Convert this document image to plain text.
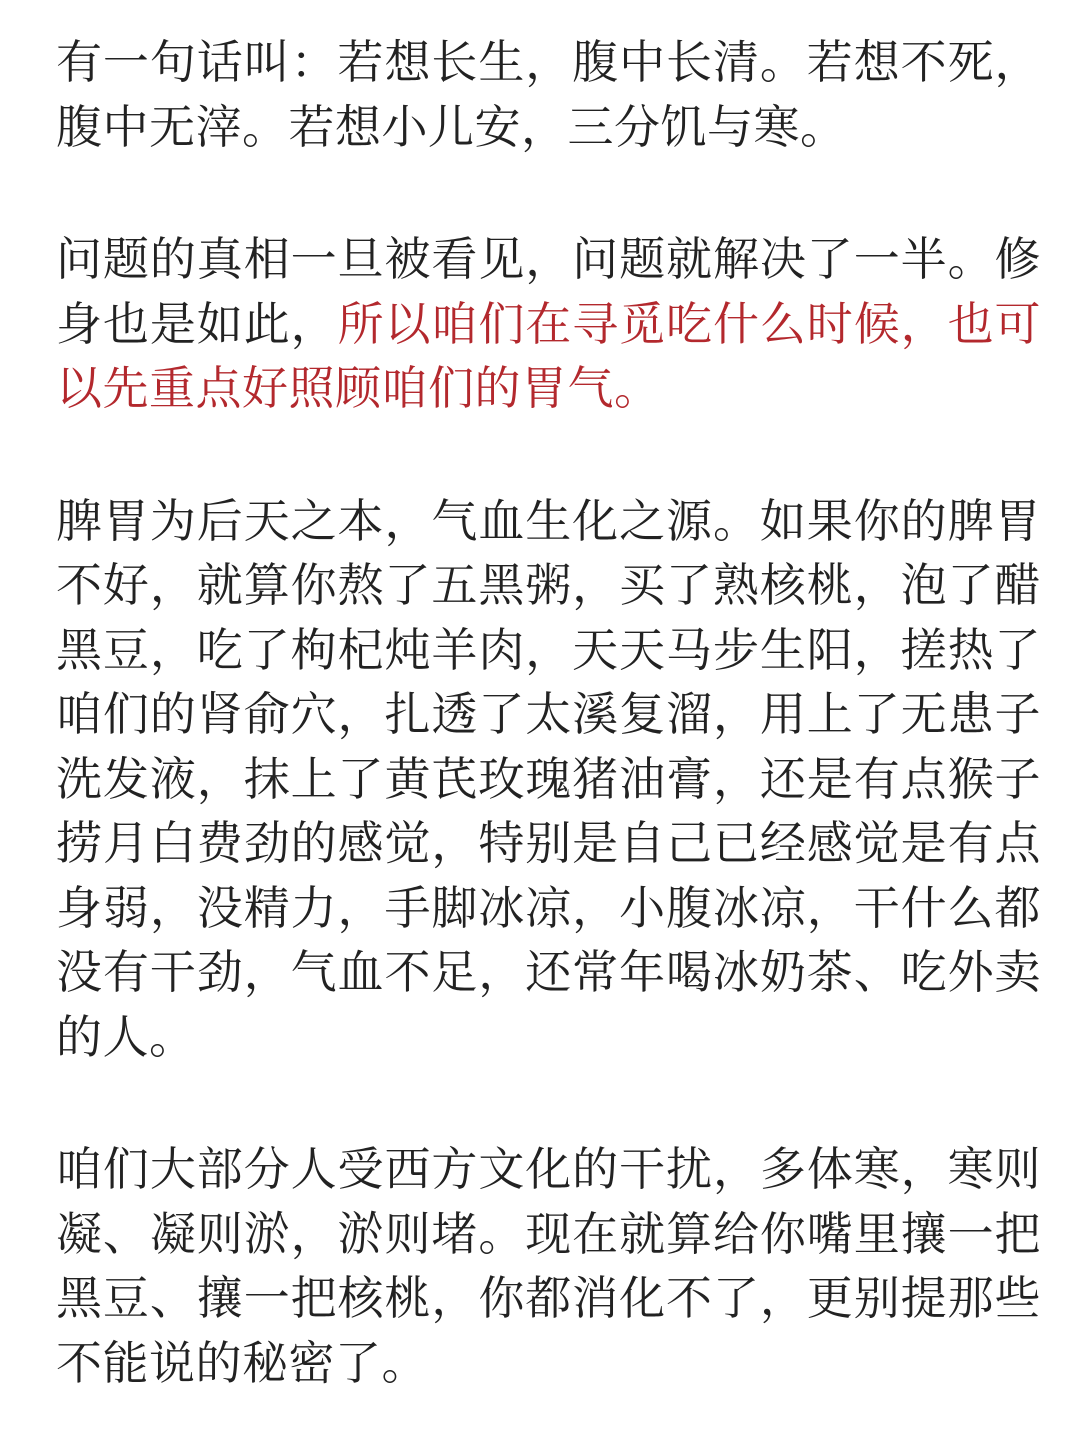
有一句话叫：若想长生，腹中长清。若想不死，腹中无滓。若想小儿安，三分饥与寒。

问题的真相一旦被看见，问题就解决了一半。修身也是如此，所以咱们在寻觅吃什么时候，也可以先重点好照顾咱们的胃气。

脾胃为后天之本，气血生化之源。如果你的脾胃不好，就算你熬了五黑粥，买了熟核桃，泡了醋黑豆，吃了枸杞炖羊肉，天天马步生阳，搓热了咱们的肾俞穴，扎透了太溪复溜，用上了无患子洗发液，抹上了黄芪玫瑰猪油膏，还是有点猴子捞月白费劲的感觉，特别是自己已经感觉是有点身弱，没精力，手脚冰凉，小腹冰凉，干什么都没有干劲，气血不足，还常年喝冰奶茶、吃外卖的人。

咱们大部分人受西方文化的干扰，多体寒，寒则凝、凝则淤，淤则堵。现在就算给你嘴里攘一把黑豆、攘一把核桃，你都消化不了，更别提那些不能说的秘密了。
